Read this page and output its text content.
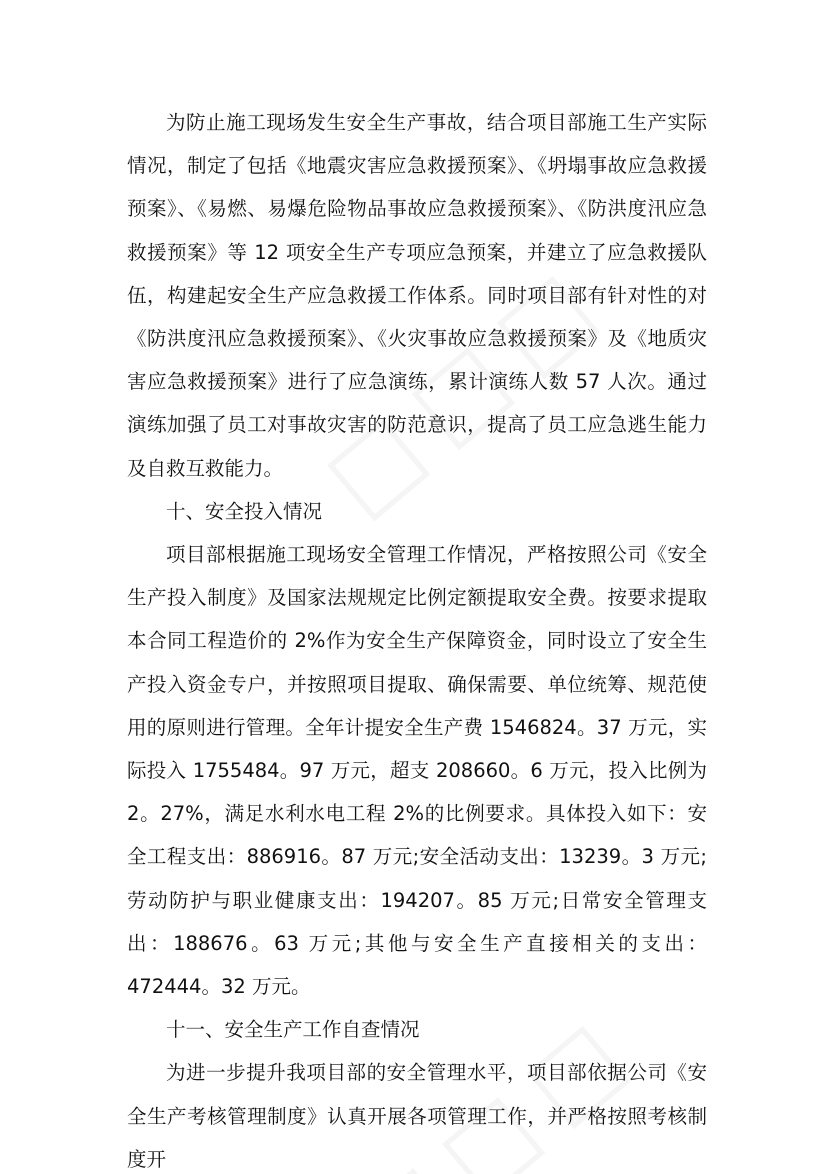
为防止施工现场发生安全生产事故，结合项目部施工生产实际情况，制定了包括《地震灾害应急救援预案》、《坍塌事故应急救援预案》、《易燃、易爆危险物品事故应急救援预案》、《防洪度汛应急救援预案》等 12 项安全生产专项应急预案，并建立了应急救援队伍，构建起安全生产应急救援工作体系。同时项目部有针对性的对《防洪度汛应急救援预案》、《火灾事故应急救援预案》及《地质灾害应急救援预案》进行了应急演练，累计演练人数 57 人次。通过演练加强了员工对事故灾害的防范意识，提高了员工应急逃生能力及自救互救能力。

十、安全投入情况

项目部根据施工现场安全管理工作情况，严格按照公司《安全生产投入制度》及国家法规规定比例定额提取安全费。按要求提取本合同工程造价的 2%作为安全生产保障资金，同时设立了安全生产投入资金专户，并按照项目提取、确保需要、单位统筹、规范使用的原则进行管理。全年计提安全生产费 1546824。37 万元，实际投入 1755484。97 万元，超支 208660。6 万元，投入比例为 2。27%，满足水利水电工程 2%的比例要求。具体投入如下：安全工程支出：886916。87 万元;安全活动支出：13239。3 万元;劳动防护与职业健康支出：194207。85 万元;日常安全管理支出：188676。63 万元;其他与安全生产直接相关的支出：472444。32 万元。

十一、安全生产工作自查情况

为进一步提升我项目部的安全管理水平，项目部依据公司《安全生产考核管理制度》认真开展各项管理工作，并严格按照考核制度开
